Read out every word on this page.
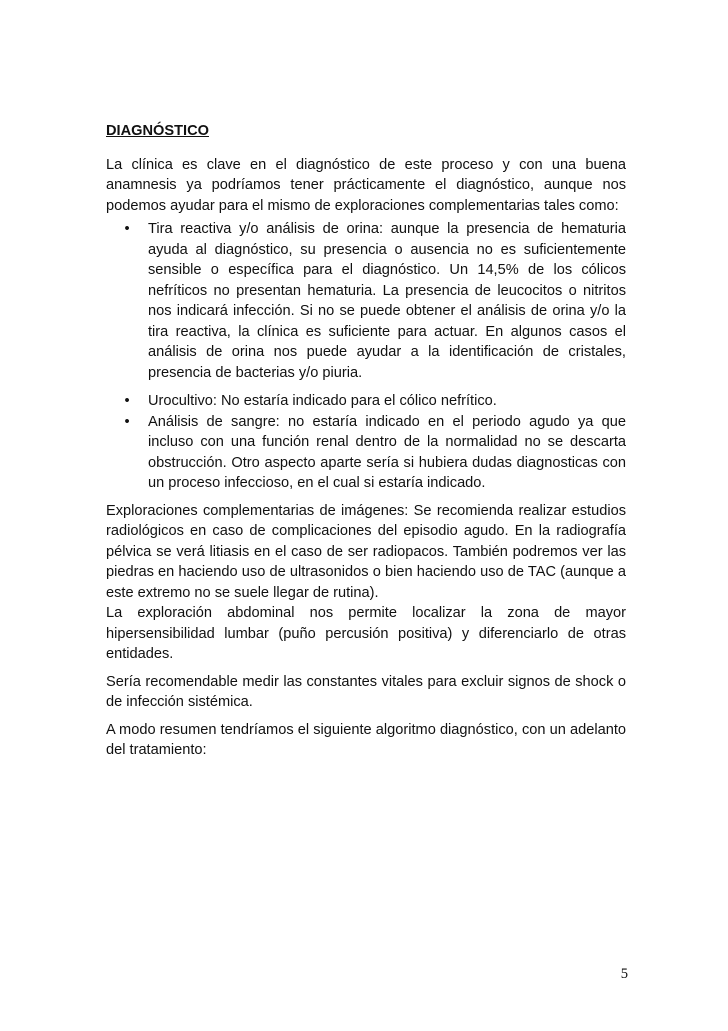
DIAGNÓSTICO

La clínica es clave en el diagnóstico de este proceso y con una buena anamnesis ya podríamos tener prácticamente el diagnóstico, aunque nos podemos ayudar para el mismo de exploraciones complementarias tales como:

• Tira reactiva y/o análisis de orina: aunque la presencia de hematuria ayuda al diagnóstico, su presencia o ausencia no es suficientemente sensible o específica para el diagnóstico. Un 14,5% de los cólicos nefríticos no presentan hematuria. La presencia de leucocitos o nitritos nos indicará infección. Si no se puede obtener el análisis de orina y/o la tira reactiva, la clínica es suficiente para actuar. En algunos casos el análisis de orina nos puede ayudar a la identificación de cristales, presencia de bacterias y/o piuria.
• Urocultivo: No estaría indicado para el cólico nefrítico.
• Análisis de sangre: no estaría indicado en el periodo agudo ya que incluso con una función renal dentro de la normalidad no se descarta obstrucción. Otro aspecto aparte sería si hubiera dudas diagnosticas con un proceso infeccioso, en el cual si estaría indicado.

Exploraciones complementarias de imágenes: Se recomienda realizar estudios radiológicos en caso de complicaciones del episodio agudo. En la radiografía pélvica se verá litiasis en el caso de ser radiopacos. También podremos ver las piedras en haciendo uso de ultrasonidos o bien haciendo uso de TAC (aunque a este extremo no se suele llegar de rutina).

La exploración abdominal nos permite localizar la zona de mayor hipersensibilidad lumbar (puño percusión positiva) y diferenciarlo de otras entidades.

Sería recomendable medir las constantes vitales para excluir signos de shock o de infección sistémica.

A modo resumen tendríamos el siguiente algoritmo diagnóstico, con un adelanto del tratamiento:

5
